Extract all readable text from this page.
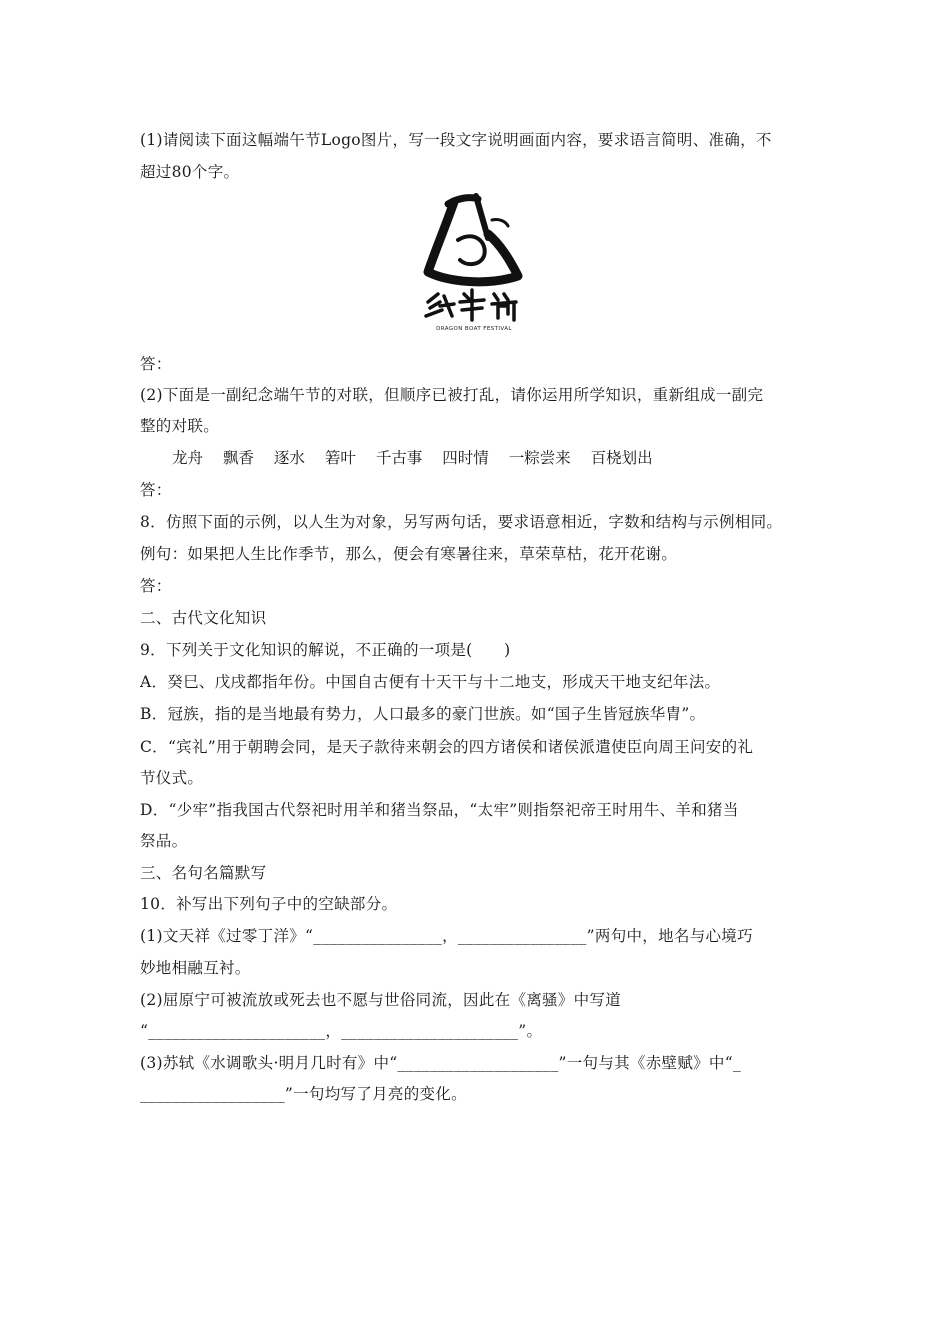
(1)请阅读下面这幅端午节Logo图片，写一段文字说明画面内容，要求语言简明、准确，不
超过80个字。
DRAGON BOAT FESTIVAL
答：
(2)下面是一副纪念端午节的对联，但顺序已被打乱，请你运用所学知识，重新组成一副完
整的对联。
龙舟 飘香 逐水 箬叶 千古事 四时情 一粽尝来 百桡划出
答：
8．仿照下面的示例，以人生为对象，另写两句话，要求语意相近，字数和结构与示例相同。
例句：如果把人生比作季节，那么，便会有寒暑往来，草荣草枯，花开花谢。
答：
二、古代文化知识
9．下列关于文化知识的解说，不正确的一项是(　　)
A．癸巳、戊戌都指年份。中国自古便有十天干与十二地支，形成天干地支纪年法。
B．冠族，指的是当地最有势力，人口最多的豪门世族。如“国子生皆冠族华胄”。
C．“宾礼”用于朝聘会同，是天子款待来朝会的四方诸侯和诸侯派遣使臣向周王问安的礼
节仪式。
D．“少牢”指我国古代祭祀时用羊和猪当祭品，“太牢”则指祭祀帝王时用牛、羊和猪当
祭品。
三、名句名篇默写
10．补写出下列句子中的空缺部分。
(1)文天祥《过零丁洋》“________________，________________”两句中，地名与心境巧
妙地相融互衬。
(2)屈原宁可被流放或死去也不愿与世俗同流，因此在《离骚》中写道
“______________________，______________________”。
(3)苏轼《水调歌头·明月几时有》中“____________________”一句与其《赤壁赋》中“_
__________________”一句均写了月亮的变化。
